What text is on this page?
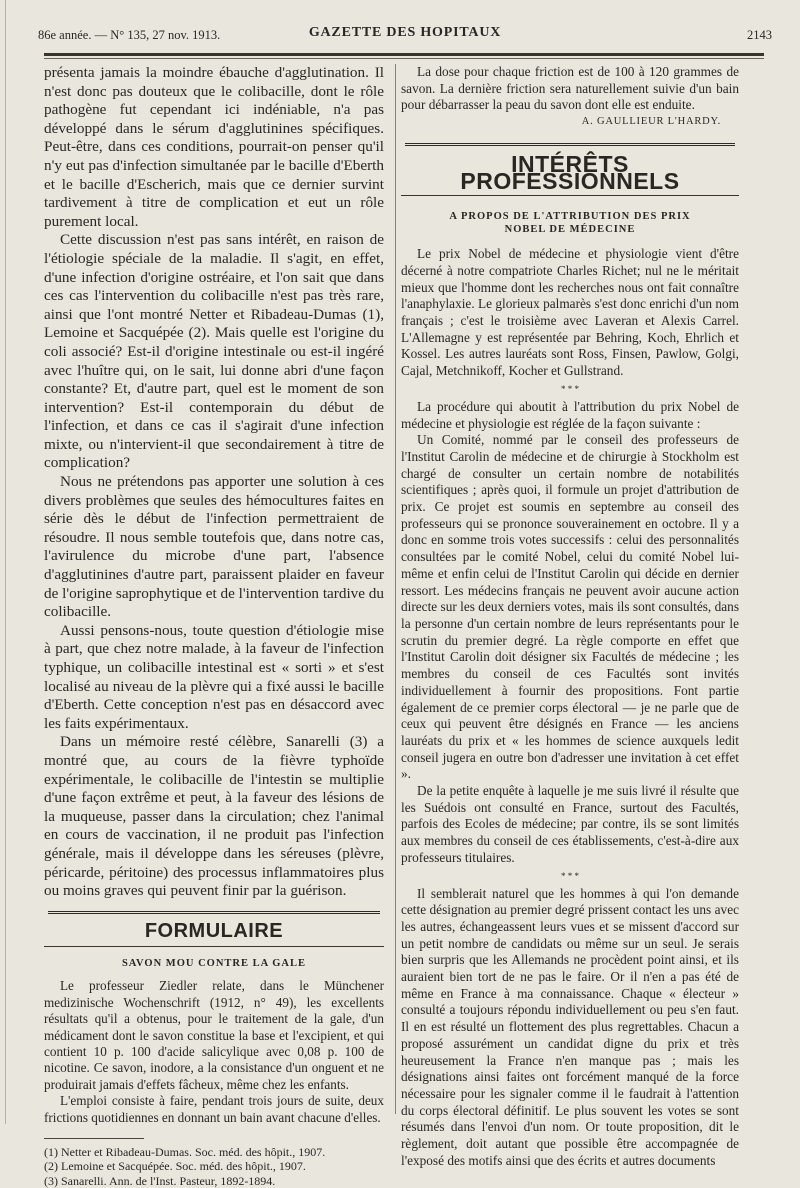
86e année. — N° 135, 27 nov. 1913.	GAZETTE DES HOPITAUX	2143

présenta jamais la moindre ébauche d'agglutination. Il n'est donc pas douteux que le colibacille, dont le rôle pathogène fut cependant ici indéniable, n'a pas développé dans le sérum d'agglutinines spécifiques. Peut-être, dans ces conditions, pourrait-on penser qu'il n'y eut pas d'infection simultanée par le bacille d'Eberth et le bacille d'Escherich, mais que ce dernier survint tardivement à titre de complication et eut un rôle purement local.

Cette discussion n'est pas sans intérêt, en raison de l'étiologie spéciale de la maladie. Il s'agit, en effet, d'une infection d'origine ostréaire, et l'on sait que dans ces cas l'intervention du colibacille n'est pas très rare, ainsi que l'ont montré Netter et Ribadeau-Dumas (1), Lemoine et Sacquépée (2). Mais quelle est l'origine du coli associé? Est-il d'origine intestinale ou est-il ingéré avec l'huître qui, on le sait, lui donne abri d'une façon constante? Et, d'autre part, quel est le moment de son intervention? Est-il contemporain du début de l'infection, et dans ce cas il s'agirait d'une infection mixte, ou n'intervient-il que secondairement à titre de complication?

Nous ne prétendons pas apporter une solution à ces divers problèmes que seules des hémocultures faites en série dès le début de l'infection permettraient de résoudre. Il nous semble toutefois que, dans notre cas, l'avirulence du microbe d'une part, l'absence d'agglutinines d'autre part, paraissent plaider en faveur de l'origine saprophytique et de l'intervention tardive du colibacille.

Aussi pensons-nous, toute question d'étiologie mise à part, que chez notre malade, à la faveur de l'infection typhique, un colibacille intestinal est « sorti » et s'est localisé au niveau de la plèvre qui a fixé aussi le bacille d'Eberth. Cette conception n'est pas en désaccord avec les faits expérimentaux.

Dans un mémoire resté célèbre, Sanarelli (3) a montré que, au cours de la fièvre typhoïde expérimentale, le colibacille de l'intestin se multiplie d'une façon extrême et peut, à la faveur des lésions de la muqueuse, passer dans la circulation; chez l'animal en cours de vaccination, il ne produit pas l'infection générale, mais il développe dans les séreuses (plèvre, péricarde, péritoine) des processus inflammatoires plus ou moins graves qui peuvent finir par la guérison.

FORMULAIRE
SAVON MOU CONTRE LA GALE

Le professeur Ziedler relate, dans le Münchener medizinische Wochenschrift (1912, n° 49), les excellents résultats qu'il a obtenus, pour le traitement de la gale, d'un médicament dont le savon constitue la base et l'excipient, et qui contient 10 p. 100 d'acide salicylique avec 0,08 p. 100 de nicotine. Ce savon, inodore, a la consistance d'un onguent et ne produirait jamais d'effets fâcheux, même chez les enfants.

L'emploi consiste à faire, pendant trois jours de suite, deux frictions quotidiennes en donnant un bain avant chacune d'elles.

(1) Netter et Ribadeau-Dumas. Soc. méd. des hôpit., 1907.
(2) Lemoine et Sacquépée. Soc. méd. des hôpit., 1907.
(3) Sanarelli. Ann. de l'Inst. Pasteur, 1892-1894.

La dose pour chaque friction est de 100 à 120 grammes de savon. La dernière friction sera naturellement suivie d'un bain pour débarrasser la peau du savon dont elle est enduite.

A. GAULLIEUR L'HARDY.
INTÉRÊTS PROFESSIONNELS
A PROPOS DE L'ATTRIBUTION DES PRIX NOBEL DE MÉDECINE

Le prix Nobel de médecine et physiologie vient d'être décerné à notre compatriote Charles Richet; nul ne le méritait mieux que l'homme dont les recherches nous ont fait connaître l'anaphylaxie. Le glorieux palmarès s'est donc enrichi d'un nom français ; c'est le troisième avec Laveran et Alexis Carrel. L'Allemagne y est représentée par Behring, Koch, Ehrlich et Kossel. Les autres lauréats sont Ross, Finsen, Pawlow, Golgi, Cajal, Metchnikoff, Kocher et Gullstrand.

* * *

La procédure qui aboutit à l'attribution du prix Nobel de médecine et physiologie est réglée de la façon suivante :

Un Comité, nommé par le conseil des professeurs de l'Institut Carolin de médecine et de chirurgie à Stockholm est chargé de consulter un certain nombre de notabilités scientifiques ; après quoi, il formule un projet d'attribution de prix. Ce projet est soumis en septembre au conseil des professeurs qui se prononce souverainement en octobre. Il y a donc en somme trois votes successifs : celui des personnalités consultées par le comité Nobel, celui du comité Nobel lui-même et enfin celui de l'Institut Carolin qui décide en dernier ressort. Les médecins français ne peuvent avoir aucune action directe sur les deux derniers votes, mais ils sont consultés, dans la personne d'un certain nombre de leurs représentants pour le scrutin du premier degré. La règle comporte en effet que l'Institut Carolin doit désigner six Facultés de médecine ; les membres du conseil de ces Facultés sont invités individuellement à fournir des propositions. Font partie également de ce premier corps électoral — je ne parle que de ceux qui peuvent être désignés en France — les anciens lauréats du prix et « les hommes de science auxquels ledit conseil jugera en outre bon d'adresser une invitation à cet effet ».

De la petite enquête à laquelle je me suis livré il résulte que les Suédois ont consulté en France, surtout des Facultés, parfois des Ecoles de médecine; par contre, ils se sont limités aux membres du conseil de ces établissements, c'est-à-dire aux professeurs titulaires.

* * *

Il semblerait naturel que les hommes à qui l'on demande cette désignation au premier degré prissent contact les uns avec les autres, échangeassent leurs vues et se missent d'accord sur un petit nombre de candidats ou même sur un seul. Je serais bien surpris que les Allemands ne procèdent point ainsi, et ils auraient bien tort de ne pas le faire. Or il n'en a pas été de même en France à ma connaissance. Chaque « électeur » consulté a toujours répondu individuellement ou peu s'en faut. Il en est résulté un flottement des plus regrettables. Chacun a proposé assurément un candidat digne du prix et très heureusement la France n'en manque pas ; mais les désignations ainsi faites ont forcément manqué de la force nécessaire pour les signaler comme il le faudrait à l'attention du corps électoral définitif. Le plus souvent les votes se sont résumés dans l'envoi d'un nom. Or toute proposition, dit le règlement, doit autant que possible être accompagnée de l'exposé des motifs ainsi que des écrits et autres documents
